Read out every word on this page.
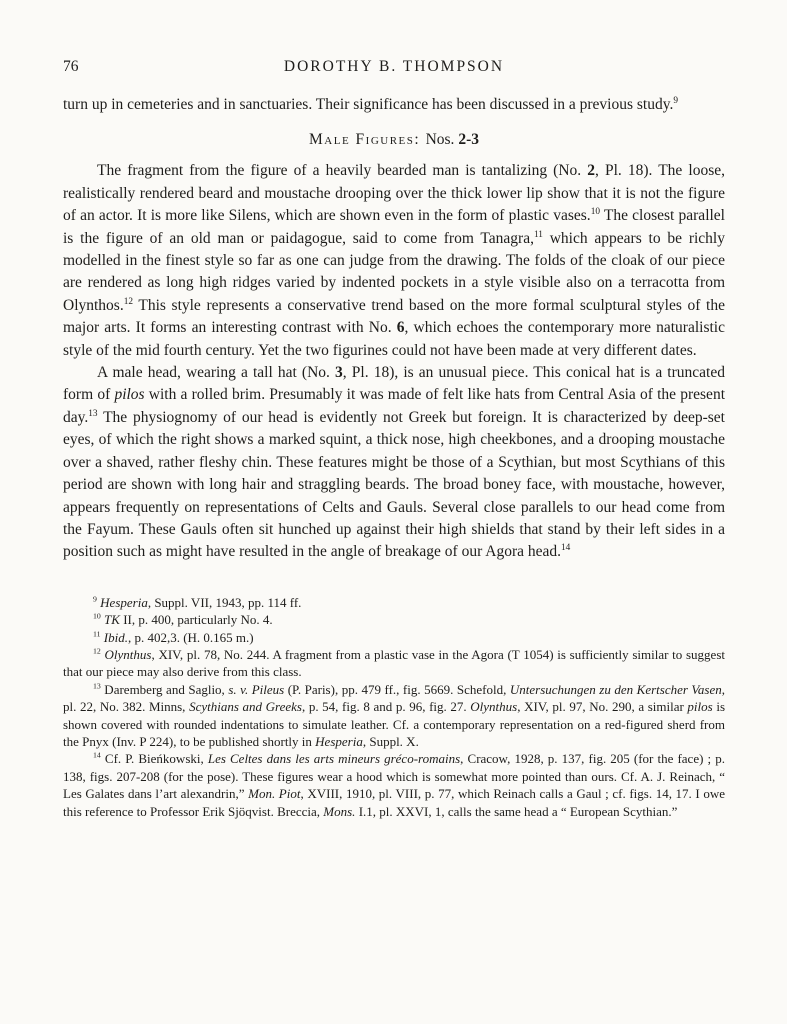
76	DOROTHY B. THOMPSON

turn up in cemeteries and in sanctuaries. Their significance has been discussed in a previous study.$^9$

Male Figures: Nos. 2-3

The fragment from the figure of a heavily bearded man is tantalizing (No. 2, Pl. 18). The loose, realistically rendered beard and moustache drooping over the thick lower lip show that it is not the figure of an actor. It is more like Silens, which are shown even in the form of plastic vases.$^{10}$ The closest parallel is the figure of an old man or paidagogue, said to come from Tanagra,$^{11}$ which appears to be richly modelled in the finest style so far as one can judge from the drawing. The folds of the cloak of our piece are rendered as long high ridges varied by indented pockets in a style visible also on a terracotta from Olynthos.$^{12}$ This style represents a conservative trend based on the more formal sculptural styles of the major arts. It forms an interesting contrast with No. 6, which echoes the contemporary more naturalistic style of the mid fourth century. Yet the two figurines could not have been made at very different dates.

A male head, wearing a tall hat (No. 3, Pl. 18), is an unusual piece. This conical hat is a truncated form of pilos with a rolled brim. Presumably it was made of felt like hats from Central Asia of the present day.$^{13}$ The physiognomy of our head is evidently not Greek but foreign. It is characterized by deep-set eyes, of which the right shows a marked squint, a thick nose, high cheekbones, and a drooping moustache over a shaved, rather fleshy chin. These features might be those of a Scythian, but most Scythians of this period are shown with long hair and straggling beards. The broad boney face, with moustache, however, appears frequently on representations of Celts and Gauls. Several close parallels to our head come from the Fayum. These Gauls often sit hunched up against their high shields that stand by their left sides in a position such as might have resulted in the angle of breakage of our Agora head.$^{14}$

$^9$ Hesperia, Suppl. VII, 1943, pp. 114 ff.

$^{10}$ TK II, p. 400, particularly No. 4.

$^{11}$ Ibid., p. 402,3. (H. 0.165 m.)

$^{12}$ Olynthus, XIV, pl. 78, No. 244. A fragment from a plastic vase in the Agora (T 1054) is sufficiently similar to suggest that our piece may also derive from this class.

$^{13}$ Daremberg and Saglio, s. v. Pileus (P. Paris), pp. 479 ff., fig. 5669. Schefold, Untersuchungen zu den Kertscher Vasen, pl. 22, No. 382. Minns, Scythians and Greeks, p. 54, fig. 8 and p. 96, fig. 27. Olynthus, XIV, pl. 97, No. 290, a similar pilos is shown covered with rounded indentations to simulate leather. Cf. a contemporary representation on a red-figured sherd from the Pnyx (Inv. P 224), to be published shortly in Hesperia, Suppl. X.

$^{14}$ Cf. P. Bieńkowski, Les Celtes dans les arts mineurs gréco-romains, Cracow, 1928, p. 137, fig. 205 (for the face) ; p. 138, figs. 207-208 (for the pose). These figures wear a hood which is somewhat more pointed than ours. Cf. A. J. Reinach, “ Les Galates dans l’art alexandrin,” Mon. Piot, XVIII, 1910, pl. VIII, p. 77, which Reinach calls a Gaul ; cf. figs. 14, 17. I owe this reference to Professor Erik Sjöqvist. Breccia, Mons. I.1, pl. XXVI, 1, calls the same head a “ European Scythian.”
